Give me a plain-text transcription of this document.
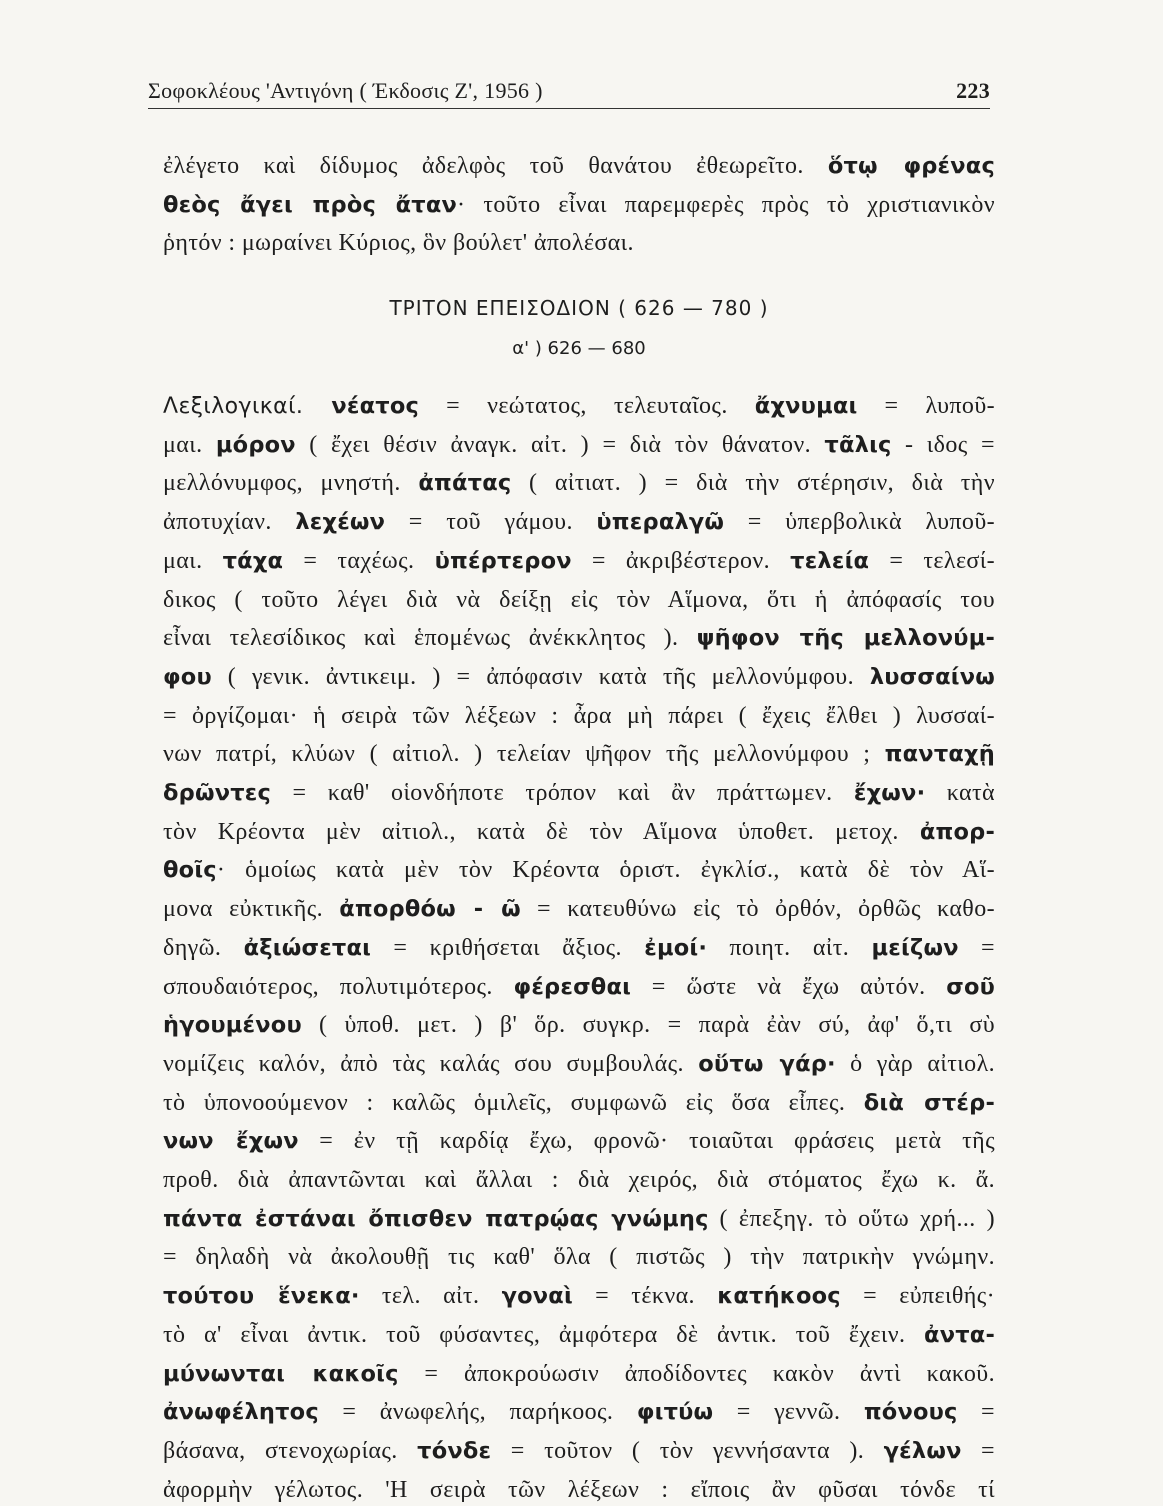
Σοφοκλέους 'Αντιγόνη ( Έκδοσις Ζ', 1956 )	223
ἐλέγετο καὶ δίδυμος ἀδελφὸς τοῦ θανάτου ἐθεωρεῖτο. ὅτῳ φρένας
θεὸς ἄγει πρὸς ἄταν· τοῦτο εἶναι παρεμφερὲς πρὸς τὸ χριστιανικὸν
ῥητόν : μωραίνει Κύριος, ὃν βούλετ' ἀπολέσαι.
ΤΡΙΤΟΝ ΕΠΕΙΣΟΔΙΟΝ ( 626 — 780 )
α' ) 626 — 680
Λεξιλογικαί. νέατος = νεώτατος, τελευταῖος. ἄχνυμαι = λυποῦ-
μαι. μόρον ( ἔχει θέσιν ἀναγκ. αἰτ. ) = διὰ τὸν θάνατον. τᾶλις - ιδος =
μελλόνυμφος, μνηστή. ἀπάτας ( αἰτιατ. ) = διὰ τὴν στέρησιν, διὰ τὴν
ἀποτυχίαν. λεχέων = τοῦ γάμου. ὑπεραλγῶ = ὑπερβολικὰ λυποῦ-
μαι. τάχα = ταχέως. ὑπέρτερον = ἀκριβέστερον. τελεία = τελεσί-
δικος ( τοῦτο λέγει διὰ νὰ δείξῃ εἰς τὸν Αἵμονα, ὅτι ἡ ἀπόφασίς του
εἶναι τελεσίδικος καὶ ἑπομένως ἀνέκκλητος ). ψῆφον τῆς μελλονύμ-
φου ( γενικ. ἀντικειμ. ) = ἀπόφασιν κατὰ τῆς μελλονύμφου. λυσσαίνω
= ὀργίζομαι· ἡ σειρὰ τῶν λέξεων : ἆρα μὴ πάρει ( ἔχεις ἔλθει ) λυσσαί-
νων πατρί, κλύων ( αἰτιολ. ) τελείαν ψῆφον τῆς μελλονύμφου ; πανταχῇ
δρῶντες = καθ' οἱονδήποτε τρόπον καὶ ἂν πράττωμεν. ἔχων· κατὰ
τὸν Κρέοντα μὲν αἰτιολ., κατὰ δὲ τὸν Αἵμονα ὑποθετ. μετοχ. ἀπορ-
θοῖς· ὁμοίως κατὰ μὲν τὸν Κρέοντα ὁριστ. ἐγκλίσ., κατὰ δὲ τὸν Αἵ-
μονα εὐκτικῆς. ἀπορθόω - ῶ = κατευθύνω εἰς τὸ ὀρθόν, ὀρθῶς καθο-
δηγῶ. ἀξιώσεται = κριθήσεται ἄξιος. ἐμοί· ποιητ. αἰτ. μείζων =
σπουδαιότερος, πολυτιμότερος. φέρεσθαι = ὥστε νὰ ἔχω αὐτόν. σοῦ
ἡγουμένου ( ὑποθ. μετ. ) β' ὅρ. συγκρ. = παρὰ ἐὰν σύ, ἀφ' ὅ,τι σὺ
νομίζεις καλόν, ἀπὸ τὰς καλάς σου συμβουλάς. οὕτω γάρ· ὁ γὰρ αἰτιολ.
τὸ ὑπονοούμενον : καλῶς ὁμιλεῖς, συμφωνῶ εἰς ὅσα εἶπες. διὰ στέρ-
νων ἔχων = ἐν τῇ καρδίᾳ ἔχω, φρονῶ· τοιαῦται φράσεις μετὰ τῆς
προθ. διὰ ἀπαντῶνται καὶ ἄλλαι : διὰ χειρός, διὰ στόματος ἔχω κ. ἄ.
πάντα ἐστάναι ὄπισθεν πατρῴας γνώμης ( ἐπεξηγ. τὸ οὕτω χρή... )
= δηλαδὴ νὰ ἀκολουθῇ τις καθ' ὅλα ( πιστῶς ) τὴν πατρικὴν γνώμην.
τούτου ἕνεκα· τελ. αἰτ. γοναὶ = τέκνα. κατήκοος = εὐπειθής·
τὸ α' εἶναι ἀντικ. τοῦ φύσαντες, ἀμφότερα δὲ ἀντικ. τοῦ ἔχειν. ἀντα-
μύνωνται κακοῖς = ἀποκρούωσιν ἀποδίδοντες κακὸν ἀντὶ κακοῦ.
ἀνωφέλητος = ἀνωφελής, παρήκοος. φιτύω = γεννῶ. πόνους =
βάσανα, στενοχωρίας. τόνδε = τοῦτον ( τὸν γεννήσαντα ). γέλων =
ἀφορμὴν γέλωτος. 'Η σειρὰ τῶν λέξεων : εἴποις ἂν φῦσαι τόνδε τί
